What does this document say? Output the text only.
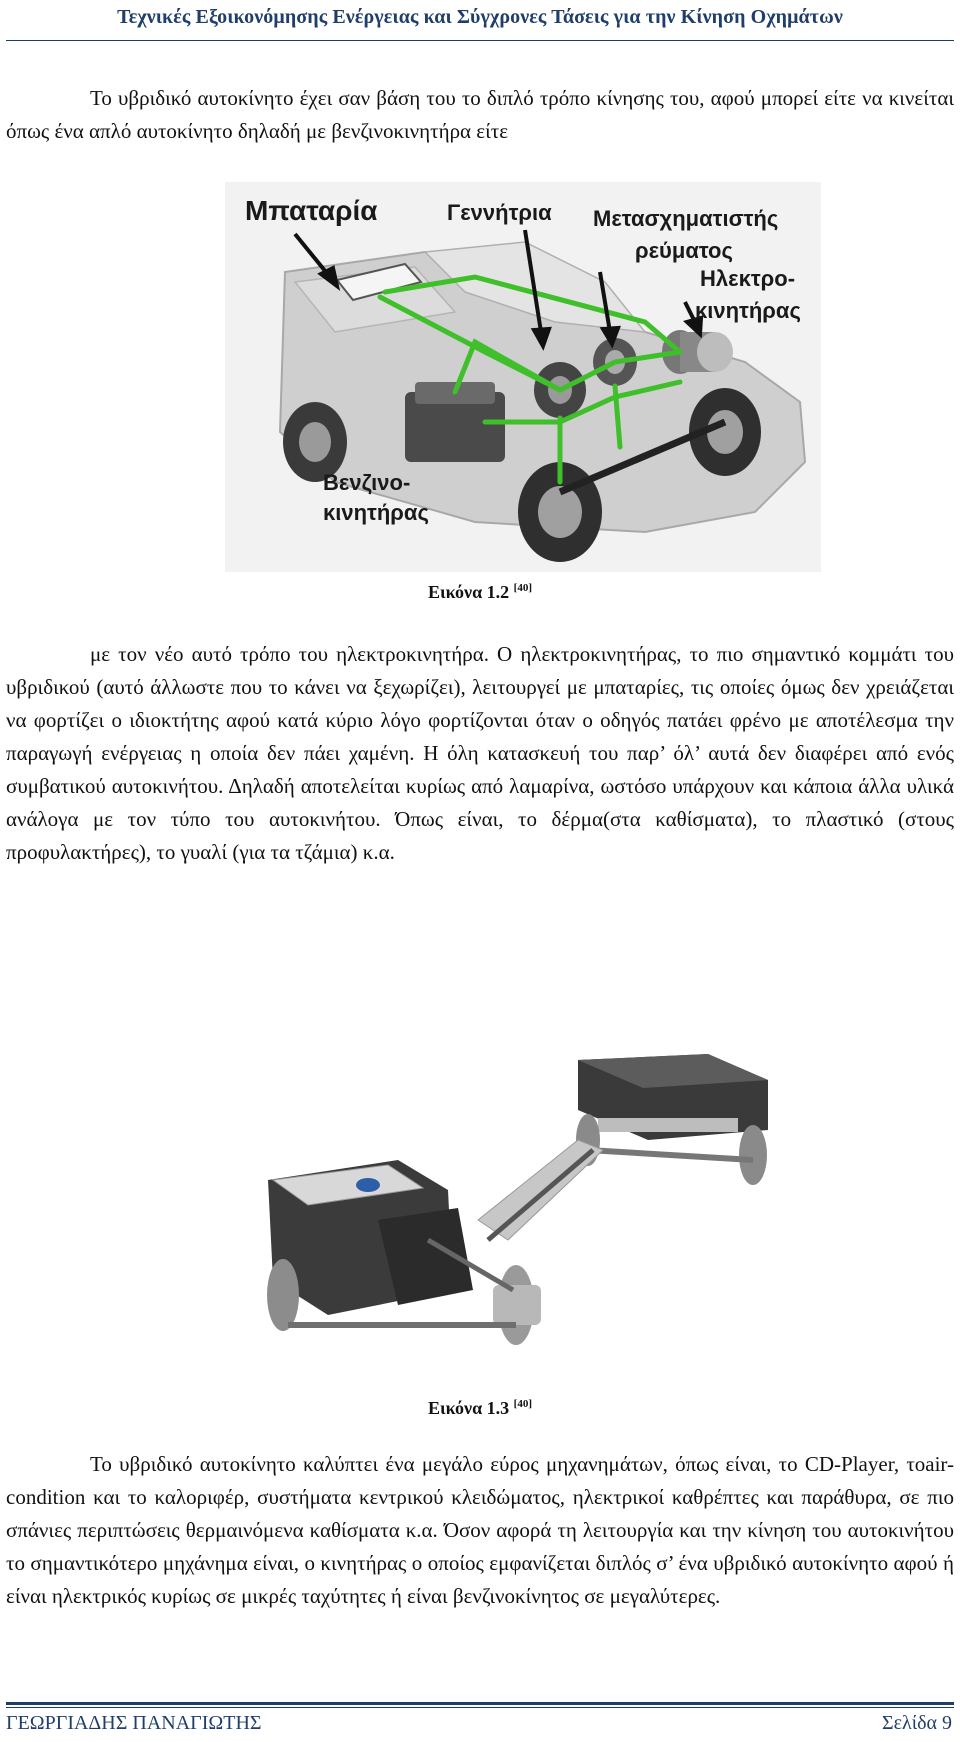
Τεχνικές Εξοικονόμησης Ενέργειας και Σύγχρονες Τάσεις για την Κίνηση Οχημάτων
Το υβριδικό αυτοκίνητο έχει σαν βάση του το διπλό τρόπο κίνησης του, αφού μπορεί είτε να κινείται όπως ένα απλό αυτοκίνητο δηλαδή με βενζινοκινητήρα είτε
Μπαταρία	Γεννήτρια Μετασχηματιστής
ρεύματος
Ηλεκτρο-
κινητήρας
Βενζινο-
κινητήρας
Εικόνα 1.2 [40]
με τον νέο αυτό τρόπο του ηλεκτροκινητήρα. Ο ηλεκτροκινητήρας, το πιο σημαντικό κομμάτι του υβριδικού (αυτό άλλωστε που το κάνει να ξεχωρίζει), λειτουργεί με μπαταρίες, τις οποίες όμως δεν χρειάζεται να φορτίζει ο ιδιοκτήτης αφού κατά κύριο λόγο φορτίζονται όταν ο οδηγός πατάει φρένο με αποτέλεσμα την παραγωγή ενέργειας η οποία δεν πάει χαμένη. Η όλη κατασκευή του παρ’ όλ’ αυτά δεν διαφέρει από ενός συμβατικού αυτοκινήτου. Δηλαδή αποτελείται κυρίως από λαμαρίνα, ωστόσο υπάρχουν και κάποια άλλα υλικά ανάλογα με τον τύπο του αυτοκινήτου. Όπως είναι, το δέρμα(στα καθίσματα), το πλαστικό (στους προφυλακτήρες), το γυαλί (για τα τζάμια) κ.α.
Εικόνα 1.3 [40]
Το υβριδικό αυτοκίνητο καλύπτει ένα μεγάλο εύρος μηχανημάτων, όπως είναι, το CD-Player, τοair-condition και το καλοριφέρ, συστήματα κεντρικού κλειδώματος, ηλεκτρικοί καθρέπτες και παράθυρα, σε πιο σπάνιες περιπτώσεις θερμαινόμενα καθίσματα κ.α. Όσον αφορά τη λειτουργία και την κίνηση του αυτοκινήτου το σημαντικότερο μηχάνημα είναι, ο κινητήρας ο οποίος εμφανίζεται διπλός σ’ ένα υβριδικό αυτοκίνητο αφού ή είναι ηλεκτρικός κυρίως σε μικρές ταχύτητες ή είναι βενζινοκίνητος σε μεγαλύτερες.
ΓΕΩΡΓΙΑΔΗΣ ΠΑΝΑΓΙΩΤΗΣ	Σελίδα 9
